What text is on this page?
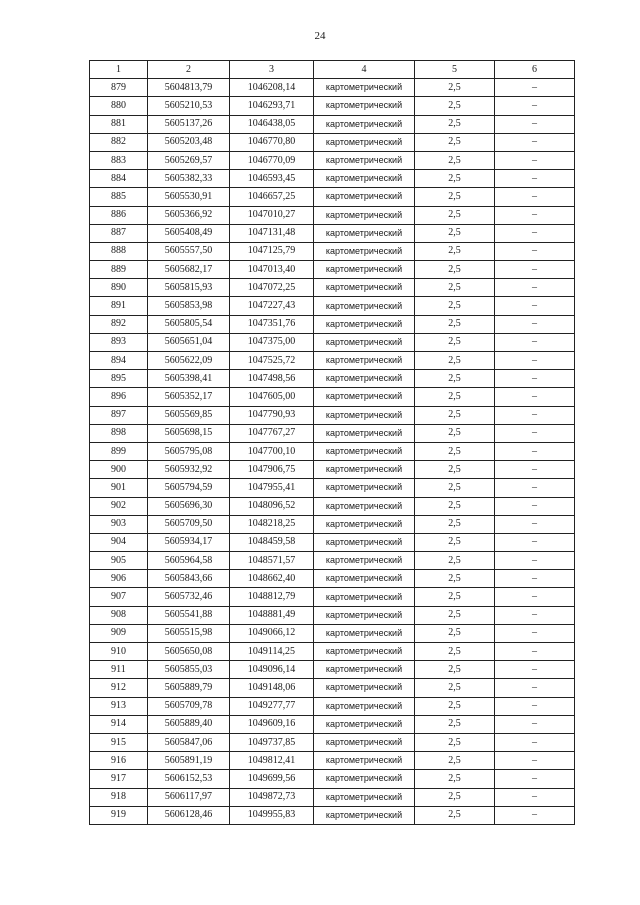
24
1	2	3	4	5	6
879	5604813,79	1046208,14	картометрический	2,5	–
880	5605210,53	1046293,71	картометрический	2,5	–
881	5605137,26	1046438,05	картометрический	2,5	–
882	5605203,48	1046770,80	картометрический	2,5	–
883	5605269,57	1046770,09	картометрический	2,5	–
884	5605382,33	1046593,45	картометрический	2,5	–
885	5605530,91	1046657,25	картометрический	2,5	–
886	5605366,92	1047010,27	картометрический	2,5	–
887	5605408,49	1047131,48	картометрический	2,5	–
888	5605557,50	1047125,79	картометрический	2,5	–
889	5605682,17	1047013,40	картометрический	2,5	–
890	5605815,93	1047072,25	картометрический	2,5	–
891	5605853,98	1047227,43	картометрический	2,5	–
892	5605805,54	1047351,76	картометрический	2,5	–
893	5605651,04	1047375,00	картометрический	2,5	–
894	5605622,09	1047525,72	картометрический	2,5	–
895	5605398,41	1047498,56	картометрический	2,5	–
896	5605352,17	1047605,00	картометрический	2,5	–
897	5605569,85	1047790,93	картометрический	2,5	–
898	5605698,15	1047767,27	картометрический	2,5	–
899	5605795,08	1047700,10	картометрический	2,5	–
900	5605932,92	1047906,75	картометрический	2,5	–
901	5605794,59	1047955,41	картометрический	2,5	–
902	5605696,30	1048096,52	картометрический	2,5	–
903	5605709,50	1048218,25	картометрический	2,5	–
904	5605934,17	1048459,58	картометрический	2,5	–
905	5605964,58	1048571,57	картометрический	2,5	–
906	5605843,66	1048662,40	картометрический	2,5	–
907	5605732,46	1048812,79	картометрический	2,5	–
908	5605541,88	1048881,49	картометрический	2,5	–
909	5605515,98	1049066,12	картометрический	2,5	–
910	5605650,08	1049114,25	картометрический	2,5	–
911	5605855,03	1049096,14	картометрический	2,5	–
912	5605889,79	1049148,06	картометрический	2,5	–
913	5605709,78	1049277,77	картометрический	2,5	–
914	5605889,40	1049609,16	картометрический	2,5	–
915	5605847,06	1049737,85	картометрический	2,5	–
916	5605891,19	1049812,41	картометрический	2,5	–
917	5606152,53	1049699,56	картометрический	2,5	–
918	5606117,97	1049872,73	картометрический	2,5	–
919	5606128,46	1049955,83	картометрический	2,5	–
